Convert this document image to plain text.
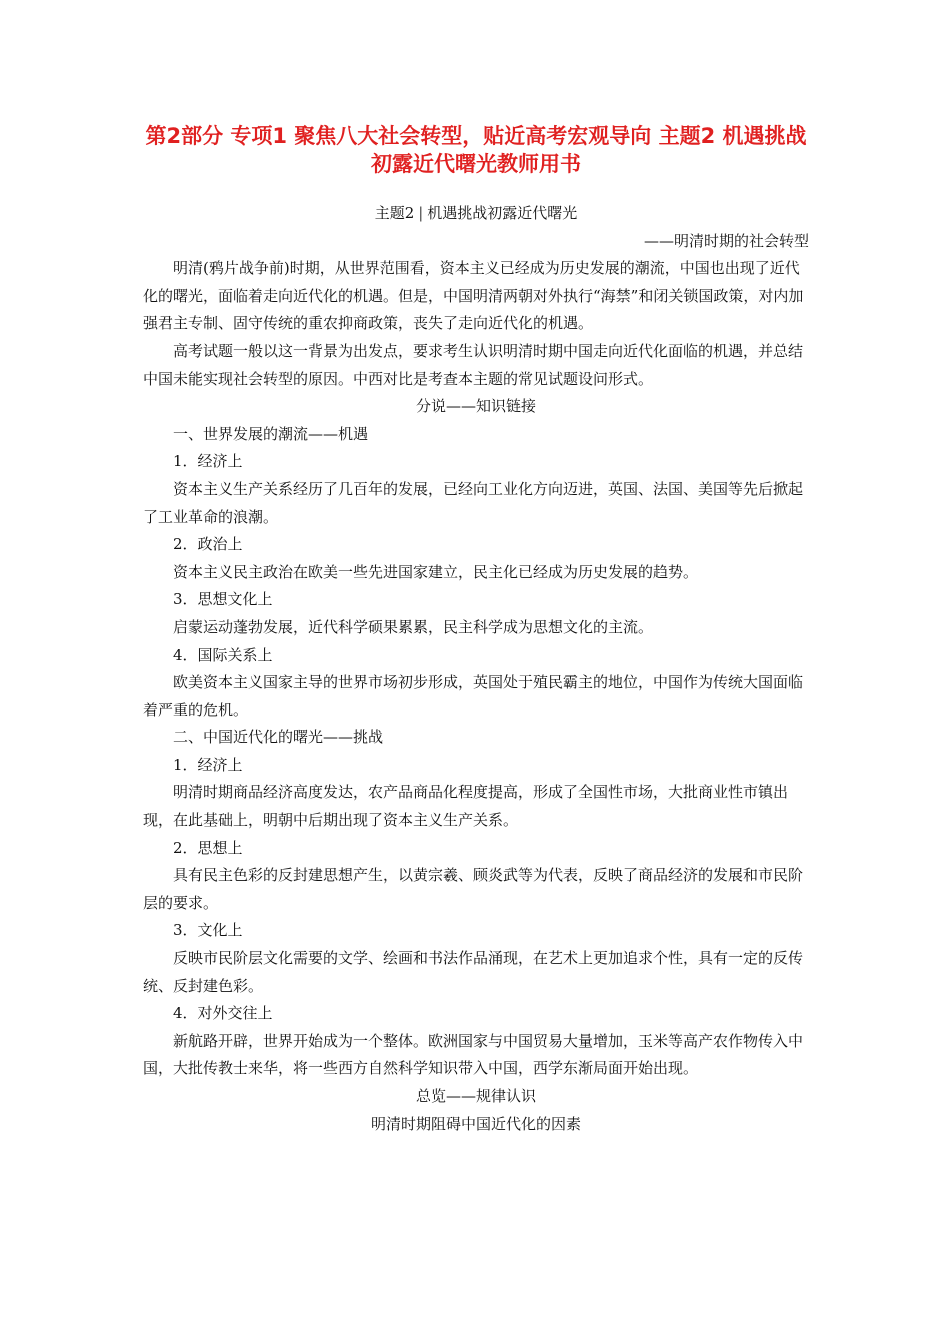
第2部分 专项1 聚焦八大社会转型，贴近高考宏观导向 主题2 机遇挑战初露近代曙光教师用书

主题2 | 机遇挑战初露近代曙光

——明清时期的社会转型

明清(鸦片战争前)时期，从世界范围看，资本主义已经成为历史发展的潮流，中国也出现了近代化的曙光，面临着走向近代化的机遇。但是，中国明清两朝对外执行“海禁”和闭关锁国政策，对内加强君主专制、固守传统的重农抑商政策，丧失了走向近代化的机遇。

高考试题一般以这一背景为出发点，要求考生认识明清时期中国走向近代化面临的机遇，并总结中国未能实现社会转型的原因。中西对比是考查本主题的常见试题设问形式。

分说——知识链接

一、世界发展的潮流——机遇

1．经济上

资本主义生产关系经历了几百年的发展，已经向工业化方向迈进，英国、法国、美国等先后掀起了工业革命的浪潮。

2．政治上

资本主义民主政治在欧美一些先进国家建立，民主化已经成为历史发展的趋势。

3．思想文化上

启蒙运动蓬勃发展，近代科学硕果累累，民主科学成为思想文化的主流。

4．国际关系上

欧美资本主义国家主导的世界市场初步形成，英国处于殖民霸主的地位，中国作为传统大国面临着严重的危机。

二、中国近代化的曙光——挑战

1．经济上

明清时期商品经济高度发达，农产品商品化程度提高，形成了全国性市场，大批商业性市镇出现，在此基础上，明朝中后期出现了资本主义生产关系。

2．思想上

具有民主色彩的反封建思想产生，以黄宗羲、顾炎武等为代表，反映了商品经济的发展和市民阶层的要求。

3．文化上

反映市民阶层文化需要的文学、绘画和书法作品涌现，在艺术上更加追求个性，具有一定的反传统、反封建色彩。

4．对外交往上

新航路开辟，世界开始成为一个整体。欧洲国家与中国贸易大量增加，玉米等高产农作物传入中国，大批传教士来华，将一些西方自然科学知识带入中国，西学东渐局面开始出现。

总览——规律认识

明清时期阻碍中国近代化的因素
